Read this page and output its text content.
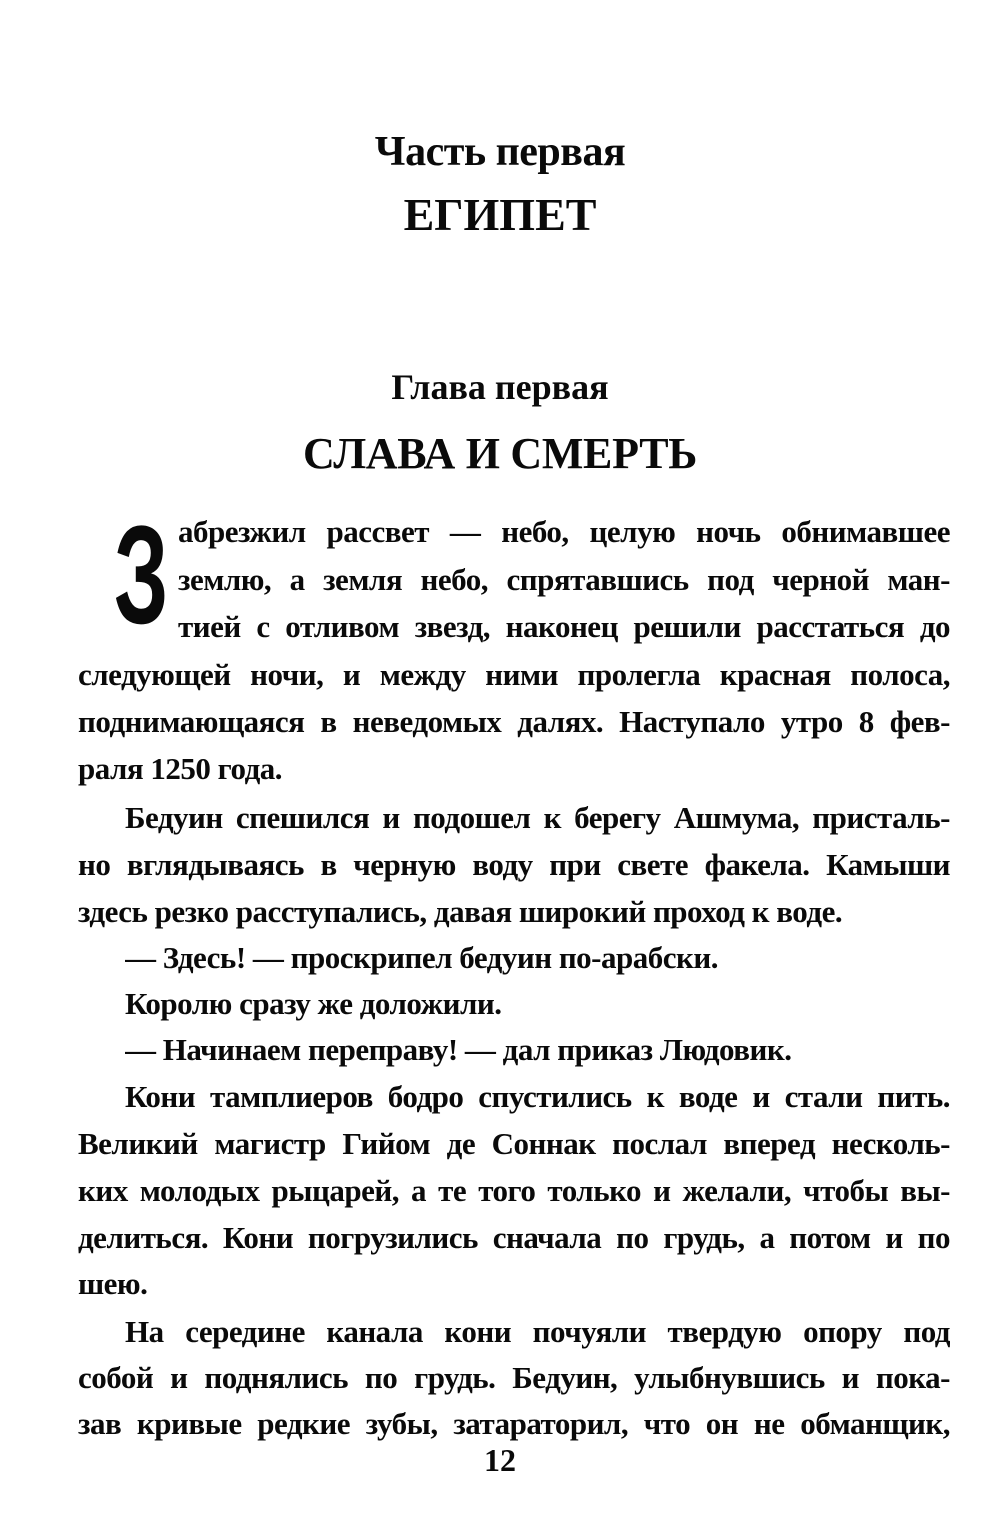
Часть первая
ЕГИПЕТ
Глава первая
СЛАВА И СМЕРТЬ
З абрезжил рассвет — небо, целую ночь обнимавшее
землю, а земля небо, спрятавшись под черной ман-
тией с отливом звезд, наконец решили расстаться до
следующей ночи, и между ними пролегла красная полоса,
поднимающаяся в неведомых далях. Наступало утро 8 фев-
раля 1250 года.
Бедуин спешился и подошел к берегу Ашмума, присталь-
но вглядываясь в черную воду при свете факела. Камыши
здесь резко расступались, давая широкий проход к воде.
— Здесь! — проскрипел бедуин по-арабски.
Королю сразу же доложили.
— Начинаем переправу! — дал приказ Людовик.
Кони тамплиеров бодро спустились к воде и стали пить.
Великий магистр Гийом де Соннак послал вперед несколь-
ких молодых рыцарей, а те того только и желали, чтобы вы-
делиться. Кони погрузились сначала по грудь, а потом и по
шею.
На середине канала кони почуяли твердую опору под
собой и поднялись по грудь. Бедуин, улыбнувшись и пока-
зав кривые редкие зубы, затараторил, что он не обманщик,
12
